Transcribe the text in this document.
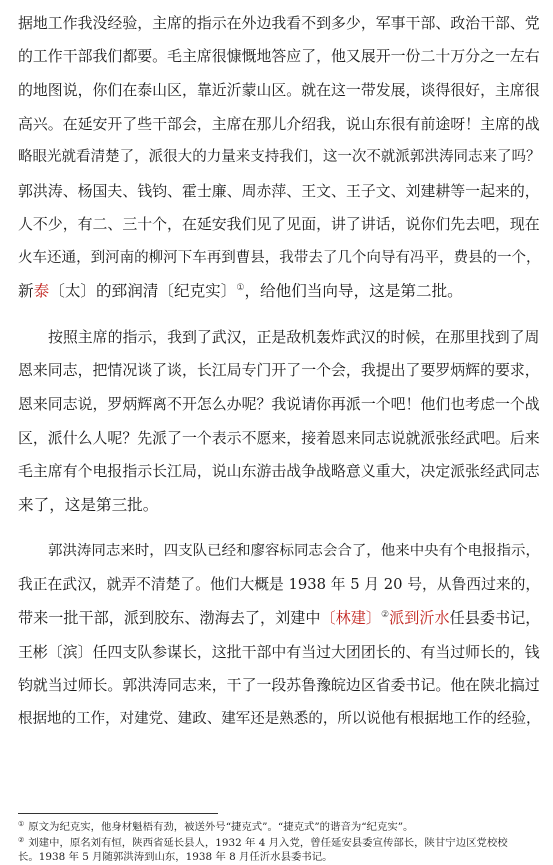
据地工作我没经验，主席的指示在外边我看不到多少，军事干部、政治干部、党
的工作干部我们都要。毛主席很慷慨地答应了，他又展开一份二十万分之一左右
的地图说，你们在泰山区，靠近沂蒙山区。就在这一带发展，谈得很好，主席很
高兴。在延安开了些干部会，主席在那儿介绍我，说山东很有前途呀！主席的战
略眼光就看清楚了，派很大的力量来支持我们，这一次不就派郭洪涛同志来了吗？
郭洪涛、杨国夫、钱钧、霍士廉、周赤萍、王文、王子文、刘建耕等一起来的，
人不少，有二、三十个，在延安我们见了见面，讲了讲话，说你们先去吧，现在
火车还通，到河南的柳河下车再到曹县，我带去了几个向导有冯平，费县的一个，
新泰〔太〕的郅润清〔纪克实〕①，给他们当向导，这是第二批。
按照主席的指示，我到了武汉，正是敌机轰炸武汉的时候，在那里找到了周
恩来同志，把情况谈了谈，长江局专门开了一个会，我提出了要罗炳辉的要求，
恩来同志说，罗炳辉离不开怎么办呢？我说请你再派一个吧！他们也考虑一个战
区，派什么人呢？先派了一个表示不愿来，接着恩来同志说就派张经武吧。后来
毛主席有个电报指示长江局，说山东游击战争战略意义重大，决定派张经武同志
来了，这是第三批。
郭洪涛同志来时，四支队已经和廖容标同志会合了，他来中央有个电报指示，
我正在武汉，就弄不清楚了。他们大概是 1938 年 5 月 20 号，从鲁西过来的，
带来一批干部，派到胶东、渤海去了，刘建中〔林建〕②派到沂水任县委书记，
王彬〔滨〕任四支队参谋长，这批干部中有当过大团团长的、有当过师长的，钱
钧就当过师长。郭洪涛同志来，干了一段苏鲁豫皖边区省委书记。他在陕北搞过
根据地的工作，对建党、建政、建军还是熟悉的，所以说他有根据地工作的经验，
① 原文为纪克实，他身材魁梧有劲，被送外号“捷克式”。“捷克式”的谐音为“纪克实”。
② 刘建中，原名刘有恒，陕西省延长县人，1932 年 4 月入党，曾任延安县委宣传部长，陕甘宁边区党校校
长。1938 年 5 月随郭洪涛到山东，1938 年 8 月任沂水县委书记。
